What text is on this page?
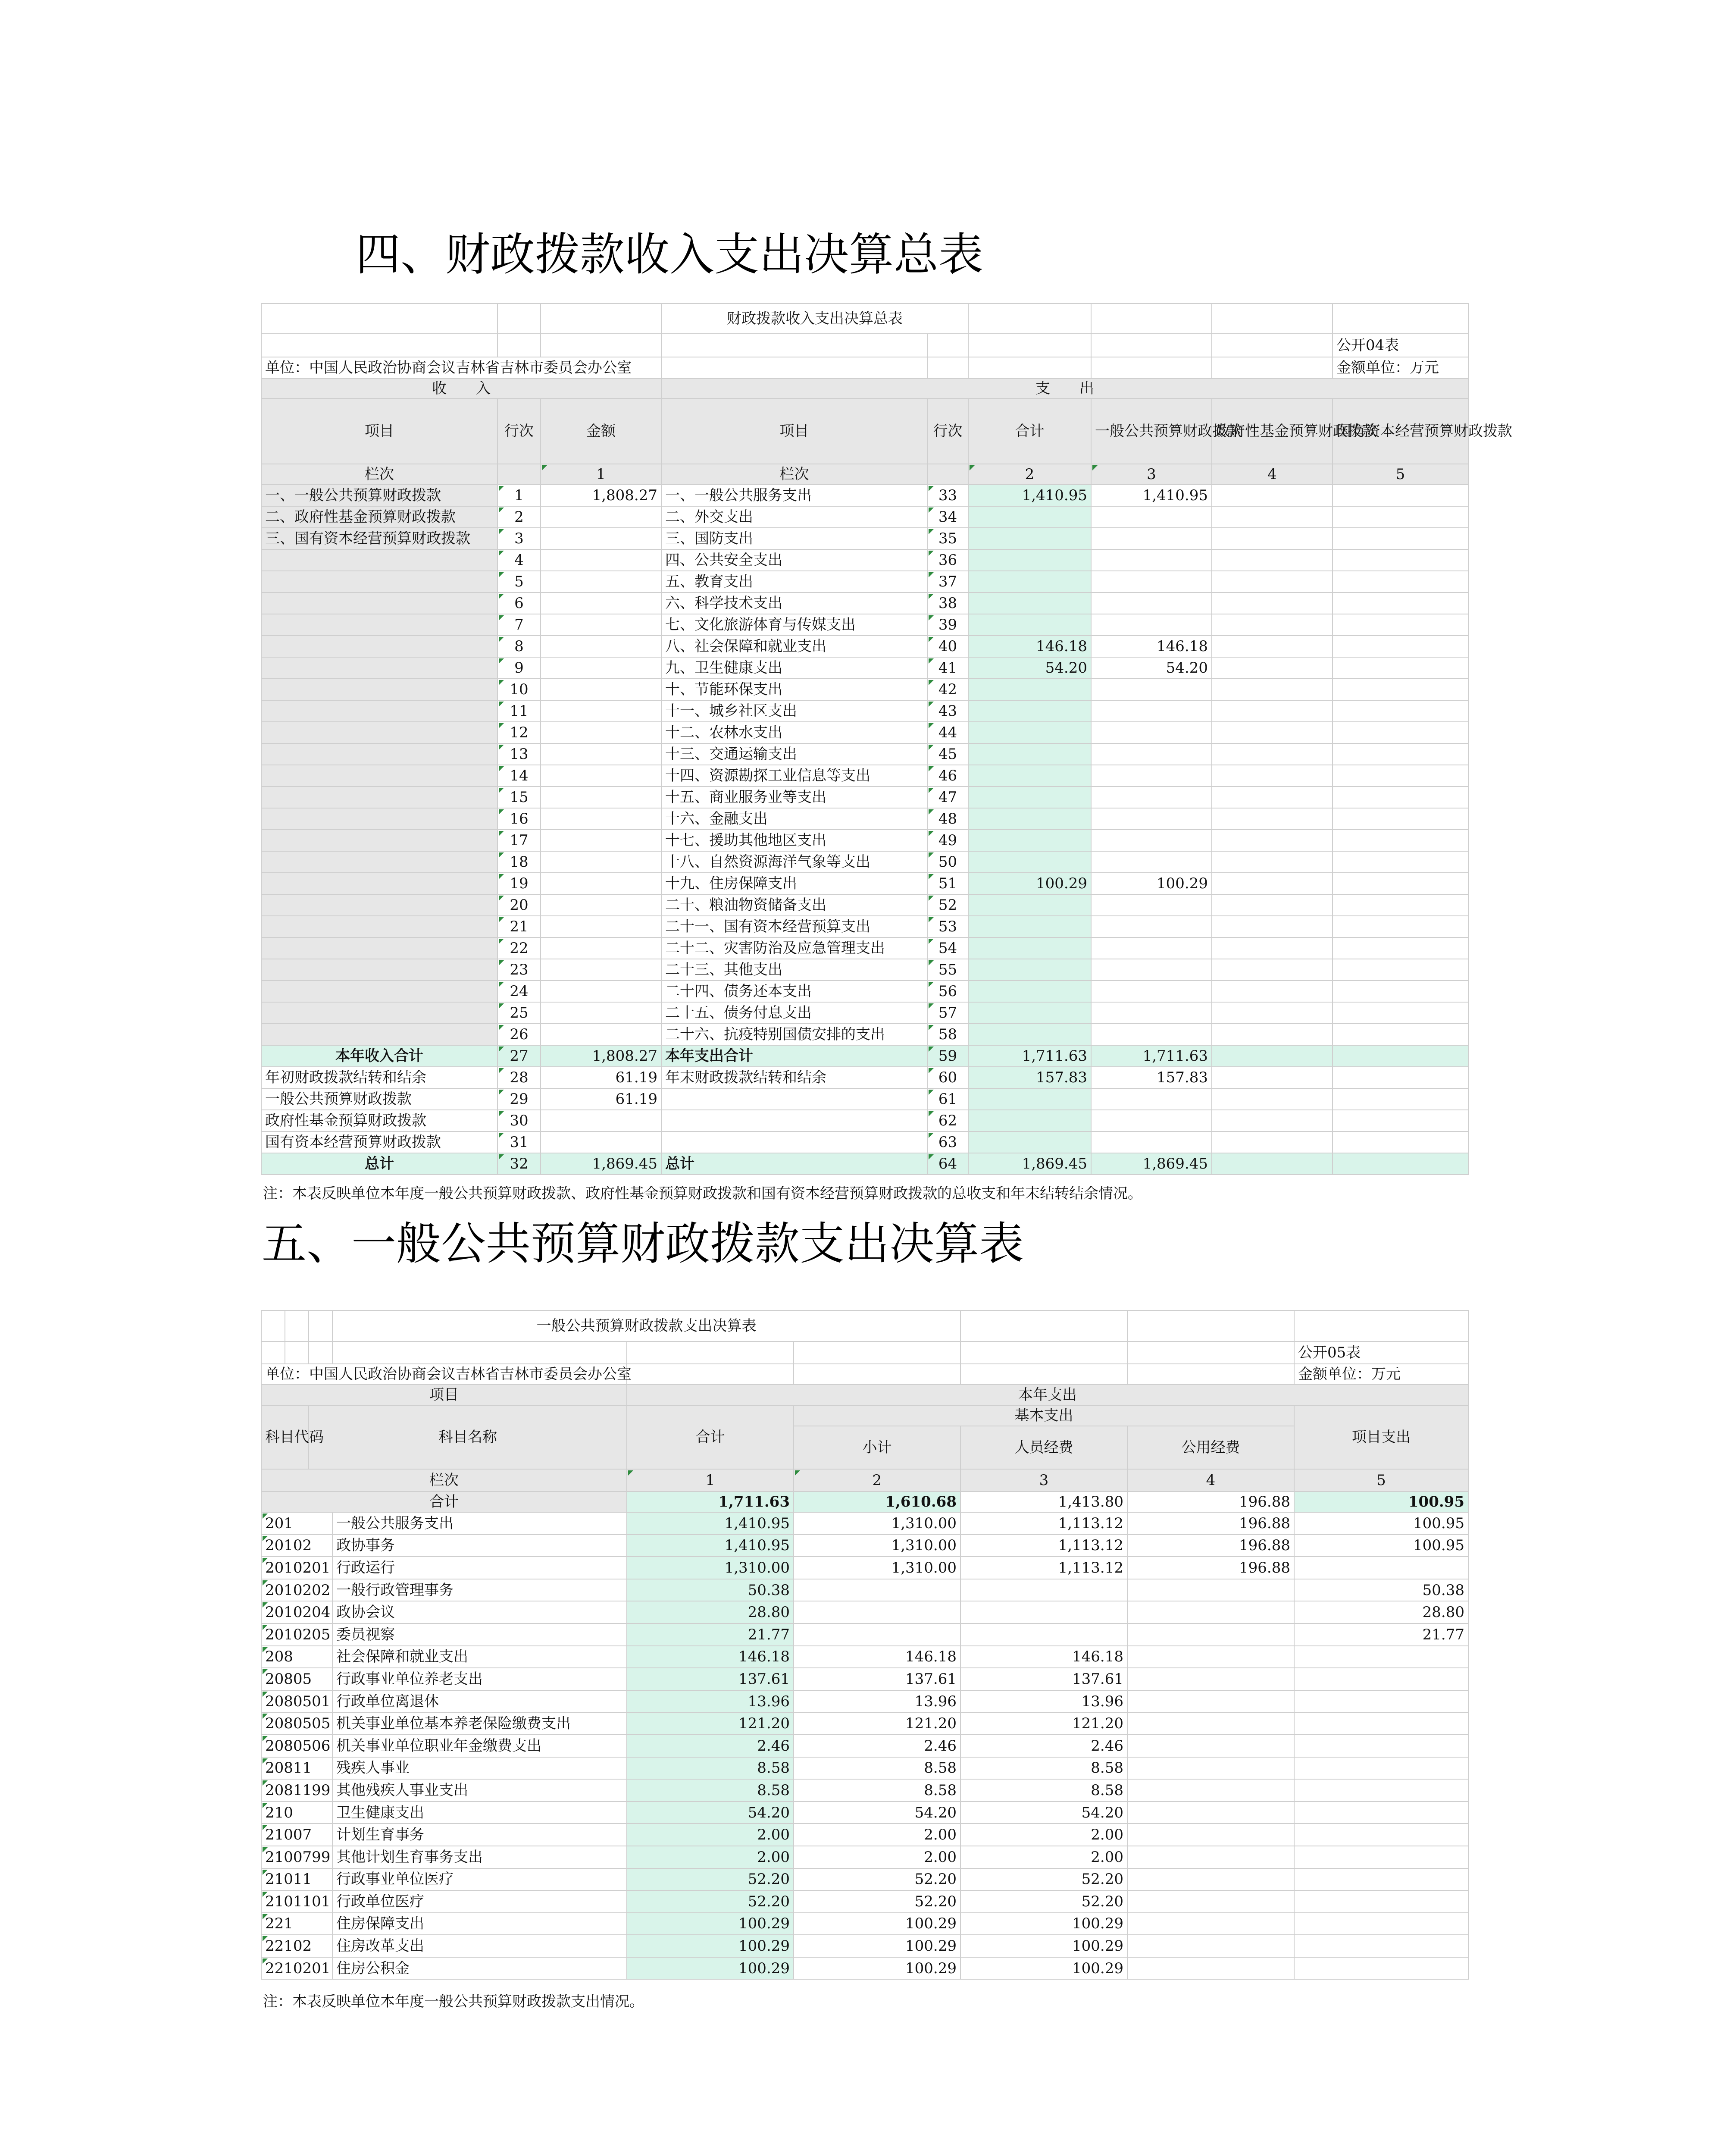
四、财政拨款收入支出决算总表
			财政拨款收入支出决算总表					
								公开04表
单位：中国人民政治协商会议吉林省吉林市委员会办公室								金额单位：万元
收　　入			支　　出					
项目	行次	金额	项目	行次	合计	一般公共预算财政拨款	政府性基金预算财政拨款	国有资本经营预算财政拨款
栏次		1	栏次		2	3	4	5
一、一般公共预算财政拨款	1	1,808.27	一、一般公共服务支出	33	1,410.95	1,410.95		
二、政府性基金预算财政拨款	2		二、外交支出	34				
三、国有资本经营预算财政拨款	3		三、国防支出	35				
	4		四、公共安全支出	36				
	5		五、教育支出	37				
	6		六、科学技术支出	38				
	7		七、文化旅游体育与传媒支出	39				
	8		八、社会保障和就业支出	40	146.18	146.18		
	9		九、卫生健康支出	41	54.20	54.20		
	10		十、节能环保支出	42				
	11		十一、城乡社区支出	43				
	12		十二、农林水支出	44				
	13		十三、交通运输支出	45				
	14		十四、资源勘探工业信息等支出	46				
	15		十五、商业服务业等支出	47				
	16		十六、金融支出	48				
	17		十七、援助其他地区支出	49				
	18		十八、自然资源海洋气象等支出	50				
	19		十九、住房保障支出	51	100.29	100.29		
	20		二十、粮油物资储备支出	52				
	21		二十一、国有资本经营预算支出	53				
	22		二十二、灾害防治及应急管理支出	54				
	23		二十三、其他支出	55				
	24		二十四、债务还本支出	56				
	25		二十五、债务付息支出	57				
	26		二十六、抗疫特别国债安排的支出	58				
本年收入合计	27	1,808.27	本年支出合计	59	1,711.63	1,711.63		
年初财政拨款结转和结余	28	61.19	年末财政拨款结转和结余	60	157.83	157.83		
一般公共预算财政拨款	29	61.19		61				
政府性基金预算财政拨款	30			62				
国有资本经营预算财政拨款	31			63				
总计	32	1,869.45	总计	64	1,869.45	1,869.45		
注：本表反映单位本年度一般公共预算财政拨款、政府性基金预算财政拨款和国有资本经营预算财政拨款的总收支和年末结转结余情况。
五、一般公共预算财政拨款支出决算表
			一般公共预算财政拨款支出决算表					
								公开05表
单位：中国人民政治协商会议吉林省吉林市委员会办公室								金额单位：万元
项目				本年支出				
科目代码		科目名称		合计	基本支出			项目支出
					小计	人员经费	公用经费	
栏次				1	2	3	4	5
合计				1,711.63	1,610.68	1,413.80	196.88	100.95
201			一般公共服务支出	1,410.95	1,310.00	1,113.12	196.88	100.95
20102			政协事务	1,410.95	1,310.00	1,113.12	196.88	100.95
2010201			行政运行	1,310.00	1,310.00	1,113.12	196.88	
2010202			一般行政管理事务	50.38				50.38
2010204			政协会议	28.80				28.80
2010205			委员视察	21.77				21.77
208			社会保障和就业支出	146.18	146.18	146.18		
20805			行政事业单位养老支出	137.61	137.61	137.61		
2080501			行政单位离退休	13.96	13.96	13.96		
2080505			机关事业单位基本养老保险缴费支出	121.20	121.20	121.20		
2080506			机关事业单位职业年金缴费支出	2.46	2.46	2.46		
20811			残疾人事业	8.58	8.58	8.58		
2081199			其他残疾人事业支出	8.58	8.58	8.58		
210			卫生健康支出	54.20	54.20	54.20		
21007			计划生育事务	2.00	2.00	2.00		
2100799			其他计划生育事务支出	2.00	2.00	2.00		
21011			行政事业单位医疗	52.20	52.20	52.20		
2101101			行政单位医疗	52.20	52.20	52.20		
221			住房保障支出	100.29	100.29	100.29		
22102			住房改革支出	100.29	100.29	100.29		
2210201			住房公积金	100.29	100.29	100.29		
注：本表反映单位本年度一般公共预算财政拨款支出情况。
